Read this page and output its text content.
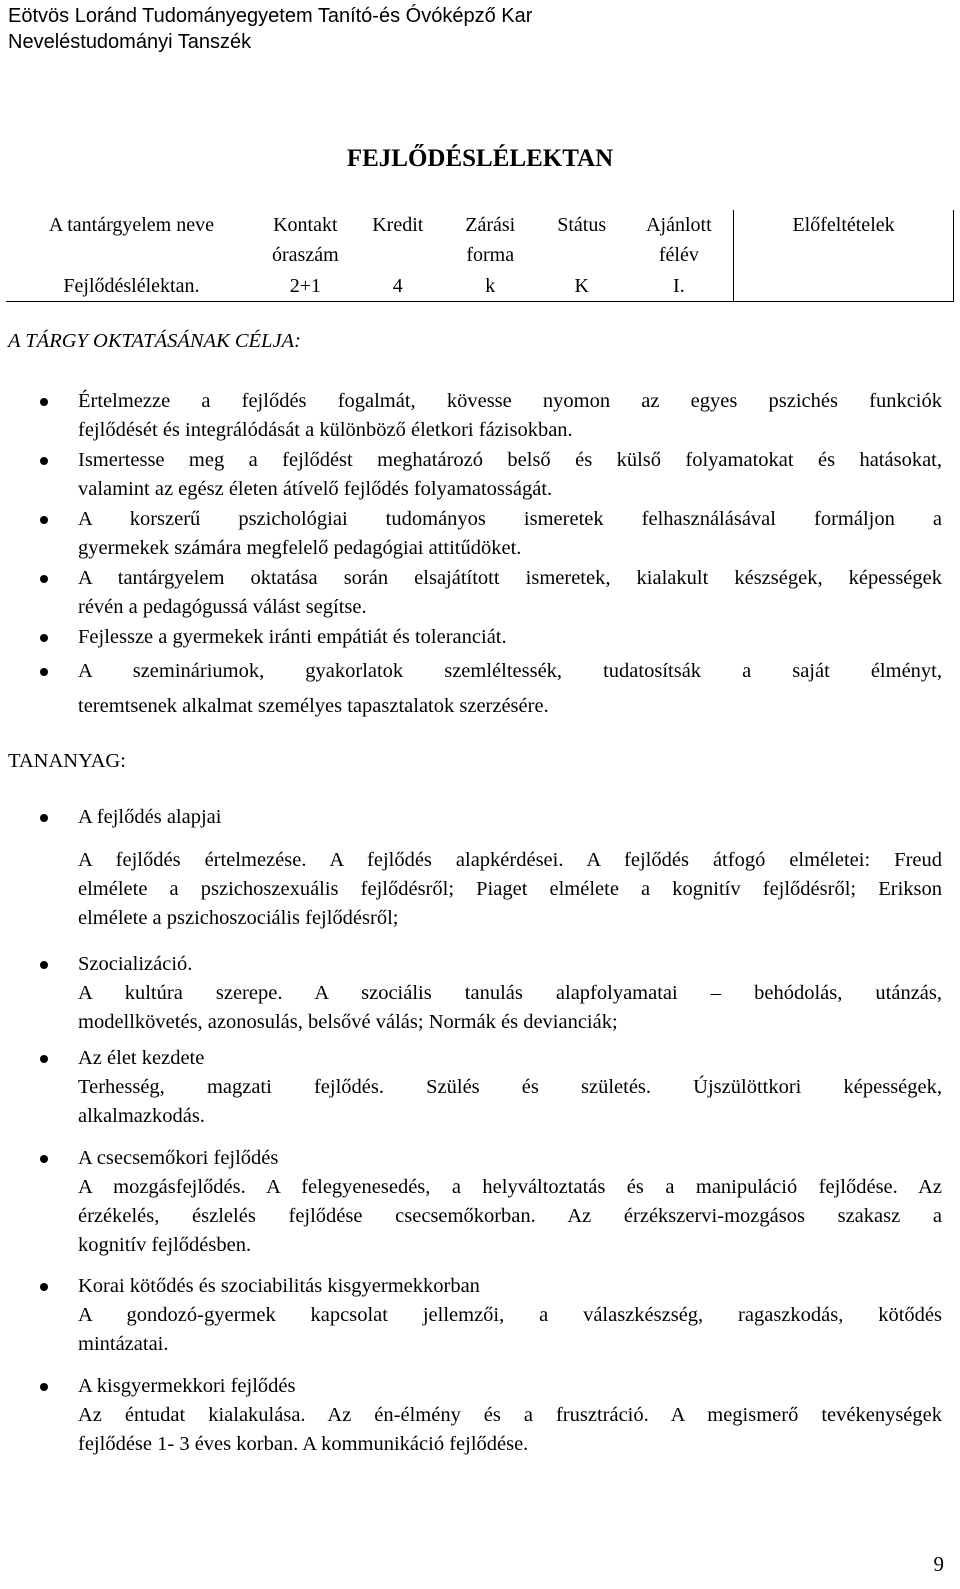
Eötvös Loránd Tudományegyetem Tanító-és Óvóképző Kar
Neveléstudományi Tanszék
FEJLŐDÉSLÉLEKTAN
A tantárgyelem neve	Kontakt óraszám	Kredit	Zárási forma	Státus	Ajánlott félév	Előfeltételek
Fejlődéslélektan.	2+1	4	k	K	I.	
A TÁRGY OKTATÁSÁNAK CÉLJA:
Értelmezze a fejlődés fogalmát, kövesse nyomon az egyes pszichés funkciók
fejlődését és integrálódását a különböző életkori fázisokban.
Ismertesse meg a fejlődést meghatározó belső és külső folyamatokat és hatásokat,
valamint az egész életen átívelő fejlődés folyamatosságát.
A korszerű pszichológiai tudományos ismeretek felhasználásával formáljon a
gyermekek számára megfelelő pedagógiai attitűdöket.
A tantárgyelem oktatása során elsajátított ismeretek, kialakult készségek, képességek
révén a pedagógussá válást segítse.
Fejlessze a gyermekek iránti empátiát és toleranciát.
A szemináriumok, gyakorlatok szemléltessék, tudatosítsák a saját élményt,
teremtsenek alkalmat személyes tapasztalatok szerzésére.
TANANYAG:
A fejlődés alapjai
A fejlődés értelmezése. A fejlődés alapkérdései. A fejlődés átfogó elméletei: Freud
elmélete a pszichoszexuális fejlődésről; Piaget elmélete a kognitív fejlődésről; Erikson
elmélete a pszichoszociális fejlődésről;
Szocializáció.
A kultúra szerepe. A szociális tanulás alapfolyamatai – behódolás, utánzás,
modellkövetés, azonosulás, belsővé válás; Normák és devianciák;
Az élet kezdete
Terhesség, magzati fejlődés. Szülés és születés. Újszülöttkori képességek,
alkalmazkodás.
A csecsemőkori fejlődés
A mozgásfejlődés. A felegyenesedés, a helyváltoztatás és a manipuláció fejlődése. Az
érzékelés, észlelés fejlődése csecsemőkorban. Az érzékszervi-mozgásos szakasz a
kognitív fejlődésben.
Korai kötődés és szociabilitás kisgyermekkorban
A gondozó-gyermek kapcsolat jellemzői, a válaszkészség, ragaszkodás, kötődés
mintázatai.
A kisgyermekkori fejlődés
Az éntudat kialakulása. Az én-élmény és a frusztráció. A megismerő tevékenységek
fejlődése 1- 3 éves korban. A kommunikáció fejlődése.
9
